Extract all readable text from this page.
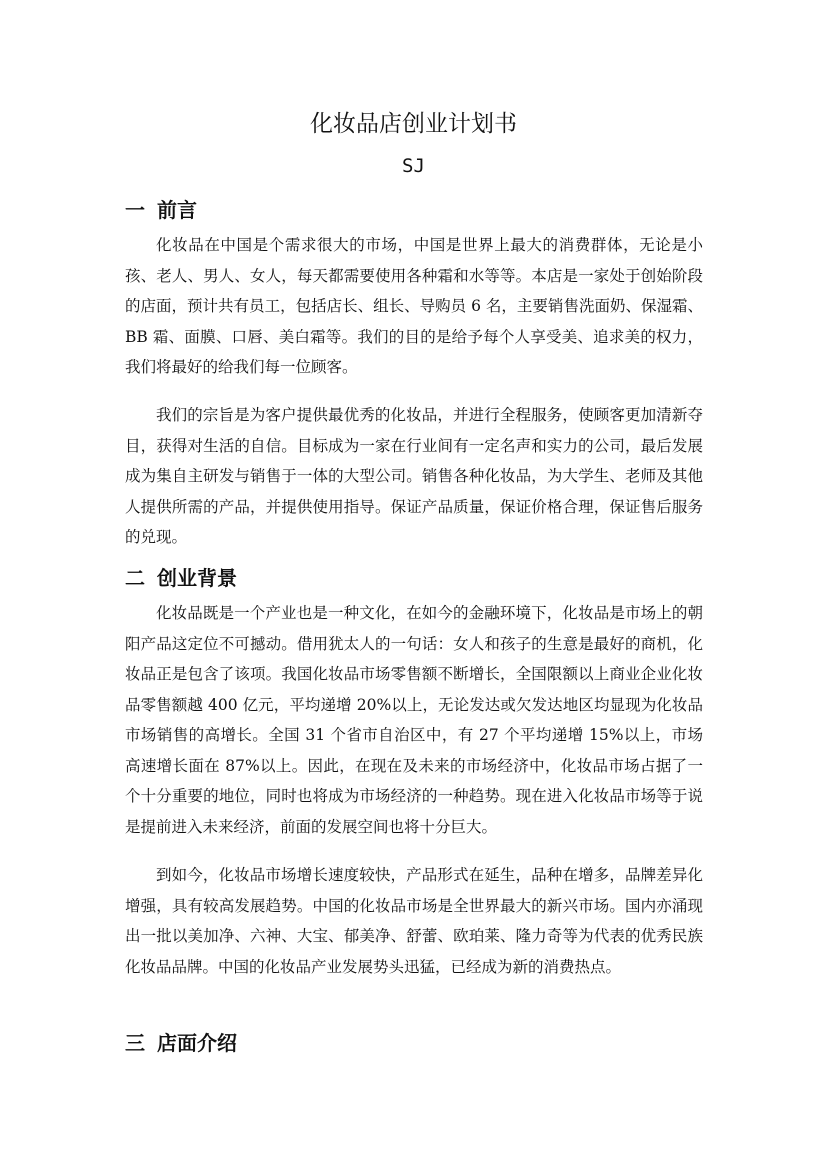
化妆品店创业计划书
SJ
一 前言

化妆品在中国是个需求很大的市场，中国是世界上最大的消费群体，无论是小孩、老人、男人、女人，每天都需要使用各种霜和水等等。本店是一家处于创始阶段的店面，预计共有员工，包括店长、组长、导购员 6 名，主要销售洗面奶、保湿霜、BB 霜、面膜、口唇、美白霜等。我们的目的是给予每个人享受美、追求美的权力，我们将最好的给我们每一位顾客。

我们的宗旨是为客户提供最优秀的化妆品，并进行全程服务，使顾客更加清新夺目，获得对生活的自信。目标成为一家在行业间有一定名声和实力的公司，最后发展成为集自主研发与销售于一体的大型公司。销售各种化妆品，为大学生、老师及其他人提供所需的产品，并提供使用指导。保证产品质量，保证价格合理，保证售后服务的兑现。

二 创业背景

化妆品既是一个产业也是一种文化，在如今的金融环境下，化妆品是市场上的朝阳产品这定位不可撼动。借用犹太人的一句话：女人和孩子的生意是最好的商机，化妆品正是包含了该项。我国化妆品市场零售额不断增长，全国限额以上商业企业化妆品零售额越 400 亿元，平均递增 20%以上，无论发达或欠发达地区均显现为化妆品市场销售的高增长。全国 31 个省市自治区中，有 27 个平均递增 15%以上，市场高速增长面在 87%以上。因此，在现在及未来的市场经济中，化妆品市场占据了一个十分重要的地位，同时也将成为市场经济的一种趋势。现在进入化妆品市场等于说是提前进入未来经济，前面的发展空间也将十分巨大。

到如今，化妆品市场增长速度较快，产品形式在延生，品种在增多，品牌差异化增强，具有较高发展趋势。中国的化妆品市场是全世界最大的新兴市场。国内亦涌现出一批以美加净、六神、大宝、郁美净、舒蕾、欧珀莱、隆力奇等为代表的优秀民族化妆品品牌。中国的化妆品产业发展势头迅猛，已经成为新的消费热点。

三 店面介绍
